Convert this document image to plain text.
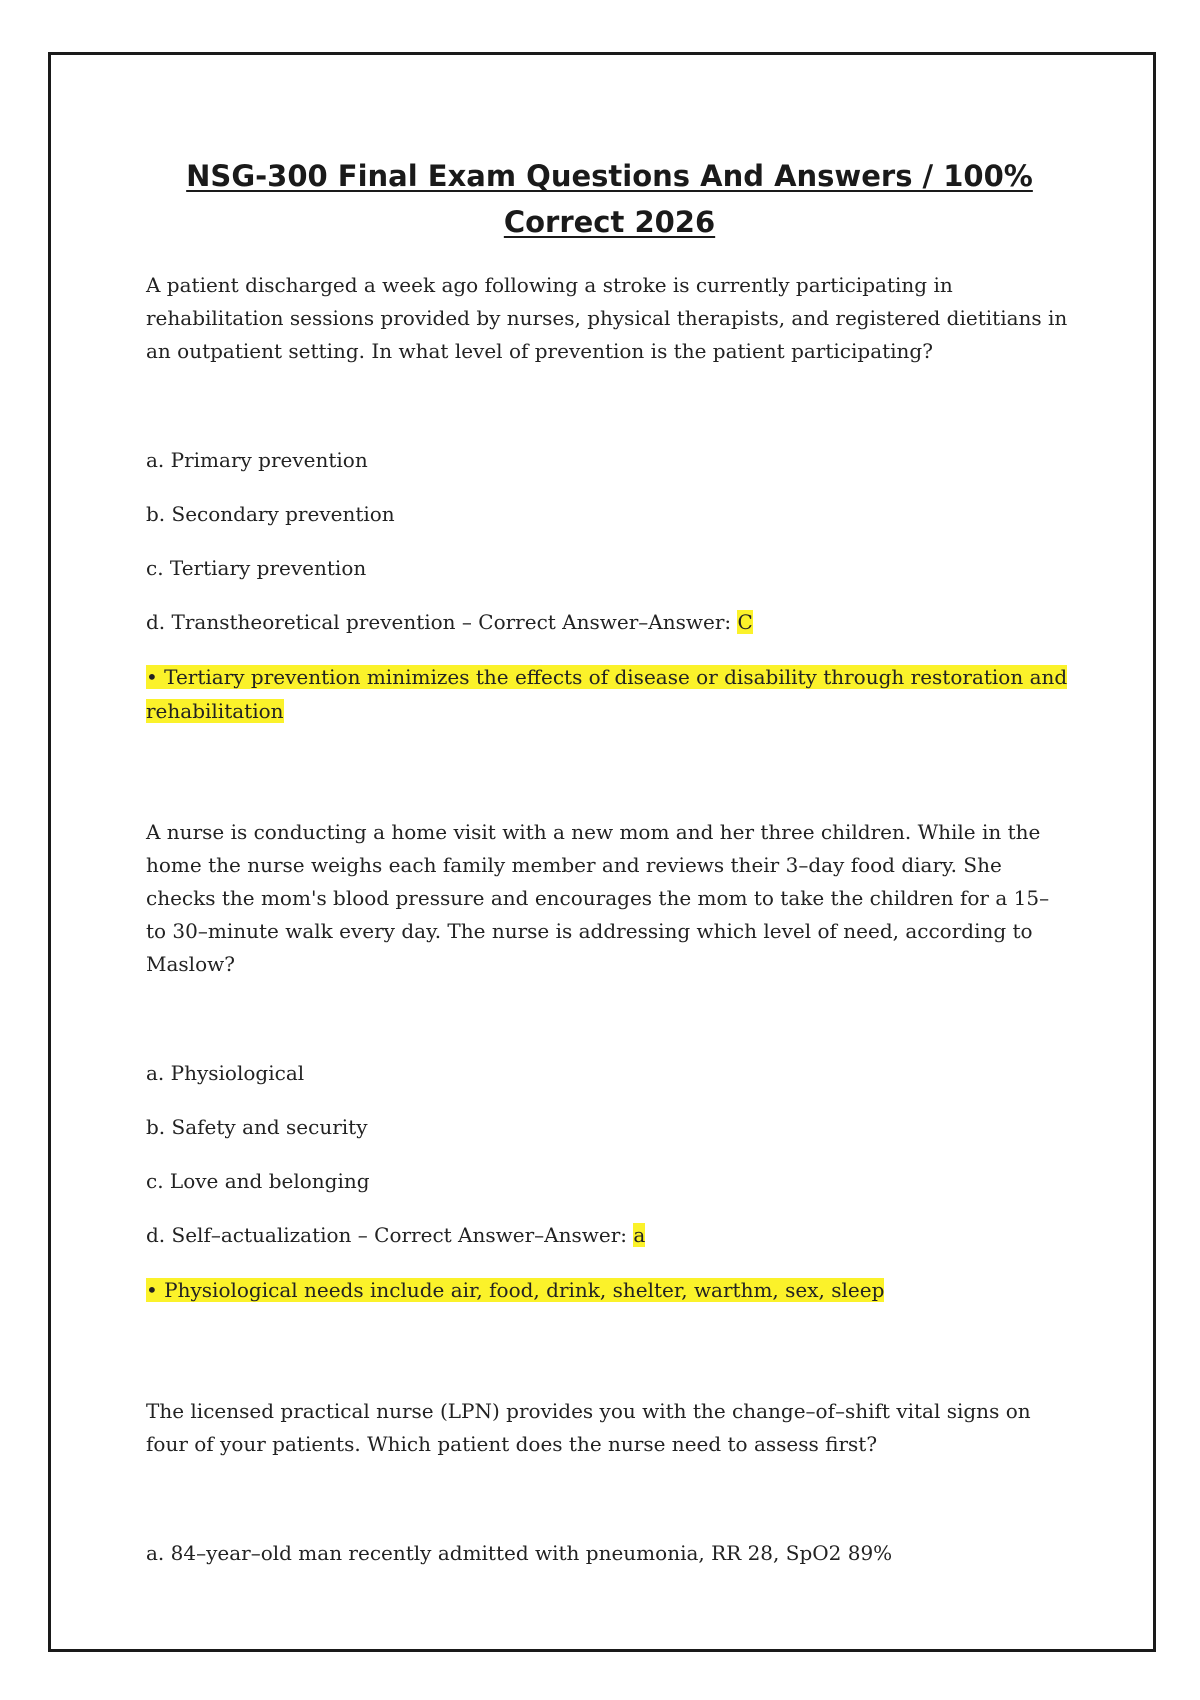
NSG-300 Final Exam Questions And Answers / 100% Correct 2026

A patient discharged a week ago following a stroke is currently participating in rehabilitation sessions provided by nurses, physical therapists, and registered dietitians in an outpatient setting. In what level of prevention is the patient participating?

a. Primary prevention

b. Secondary prevention

c. Tertiary prevention

d. Transtheoretical prevention – Correct Answer–Answer: C

• Tertiary prevention minimizes the effects of disease or disability through restoration and rehabilitation

A nurse is conducting a home visit with a new mom and her three children. While in the home the nurse weighs each family member and reviews their 3–day food diary. She checks the mom's blood pressure and encourages the mom to take the children for a 15– to 30–minute walk every day. The nurse is addressing which level of need, according to Maslow?

a. Physiological

b. Safety and security

c. Love and belonging

d. Self–actualization – Correct Answer–Answer: a

• Physiological needs include air, food, drink, shelter, warthm, sex, sleep

The licensed practical nurse (LPN) provides you with the change–of–shift vital signs on four of your patients. Which patient does the nurse need to assess first?

a. 84–year–old man recently admitted with pneumonia, RR 28, SpO2 89%
